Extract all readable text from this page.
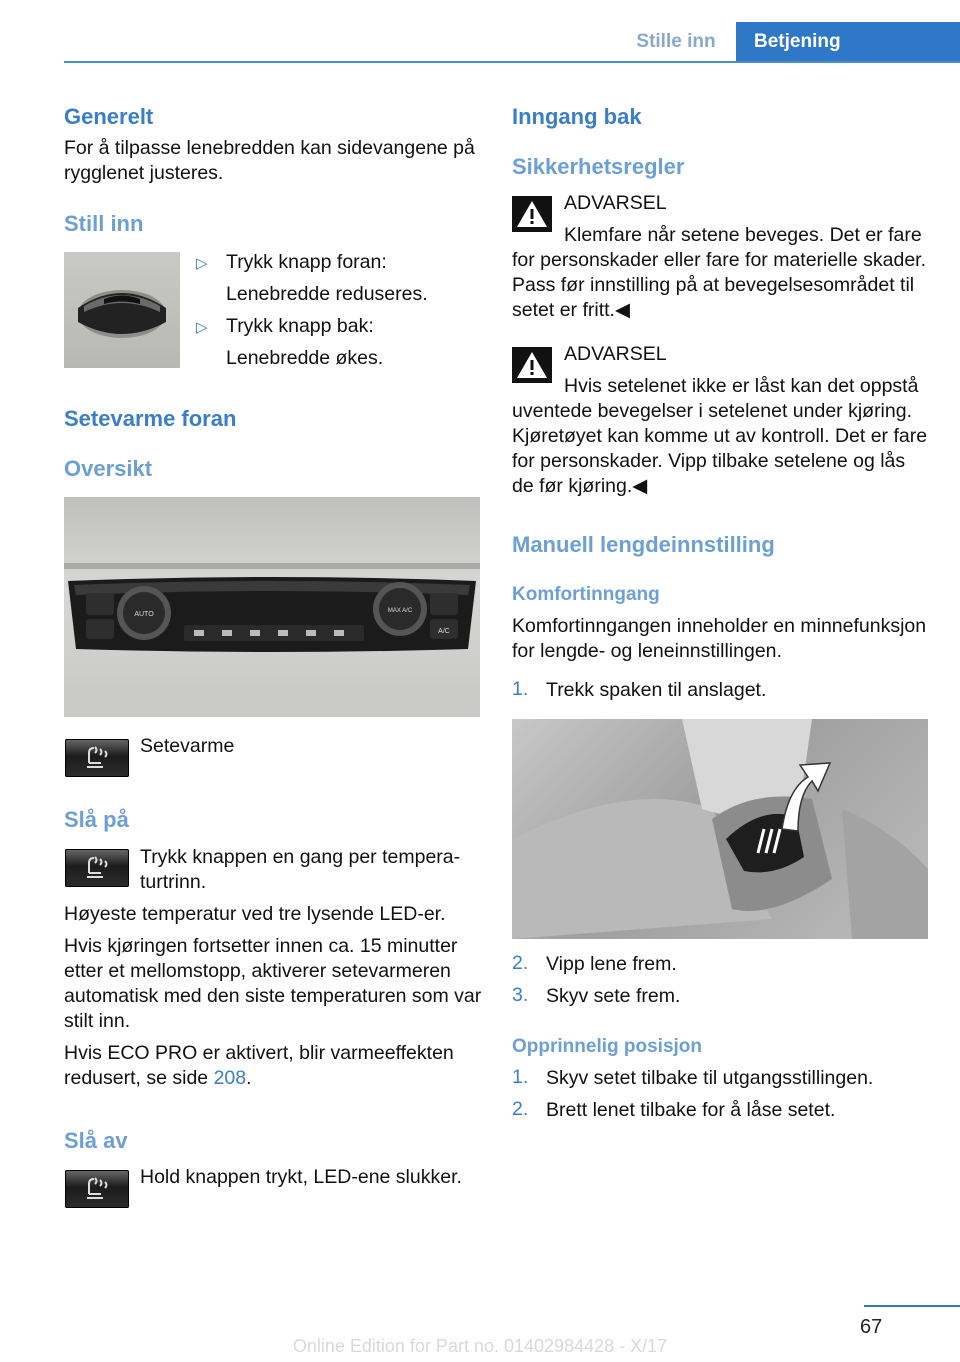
Stille inn	Betjening
Generelt
For å tilpasse lenebredden kan sidevangene på rygglenet justeres.
Still inn
▷ Trykk knapp foran:
Lenebredde reduseres.
▷ Trykk knapp bak:
Lenebredde økes.
Setevarme foran
Oversikt
AUTO	MAX A/C
A/C
Setevarme
Slå på
Trykk knappen en gang per temperaturtrinn.
Høyeste temperatur ved tre lysende LED-er.
Hvis kjøringen fortsetter innen ca. 15 minutter etter et mellomstopp, aktiverer setevarmeren automatisk med den siste temperaturen som var stilt inn.
Hvis ECO PRO er aktivert, blir varmeeffekten redusert, se side 208.
Slå av
Hold knappen trykt, LED-ene slukker.
Inngang bak
Sikkerhetsregler
ADVARSEL
Klemfare når setene beveges. Det er fare for personskader eller fare for materielle skader. Pass før innstilling på at bevegelsesområdet til setet er fritt.◀
ADVARSEL
Hvis setelenet ikke er låst kan det oppstå uventede bevegelser i setelenet under kjøring. Kjøretøyet kan komme ut av kontroll. Det er fare for personskader. Vipp tilbake setelene og lås de før kjøring.◀
Manuell lengdeinnstilling
Komfortinngang
Komfortinngangen inneholder en minnefunksjon for lengde- og leneinnstillingen.
1. Trekk spaken til anslaget.
2. Vipp lene frem.
3. Skyv sete frem.
Opprinnelig posisjon
1. Skyv setet tilbake til utgangsstillingen.
2. Brett lenet tilbake for å låse setet.
67
Online Edition for Part no. 01402984428 - X/17
